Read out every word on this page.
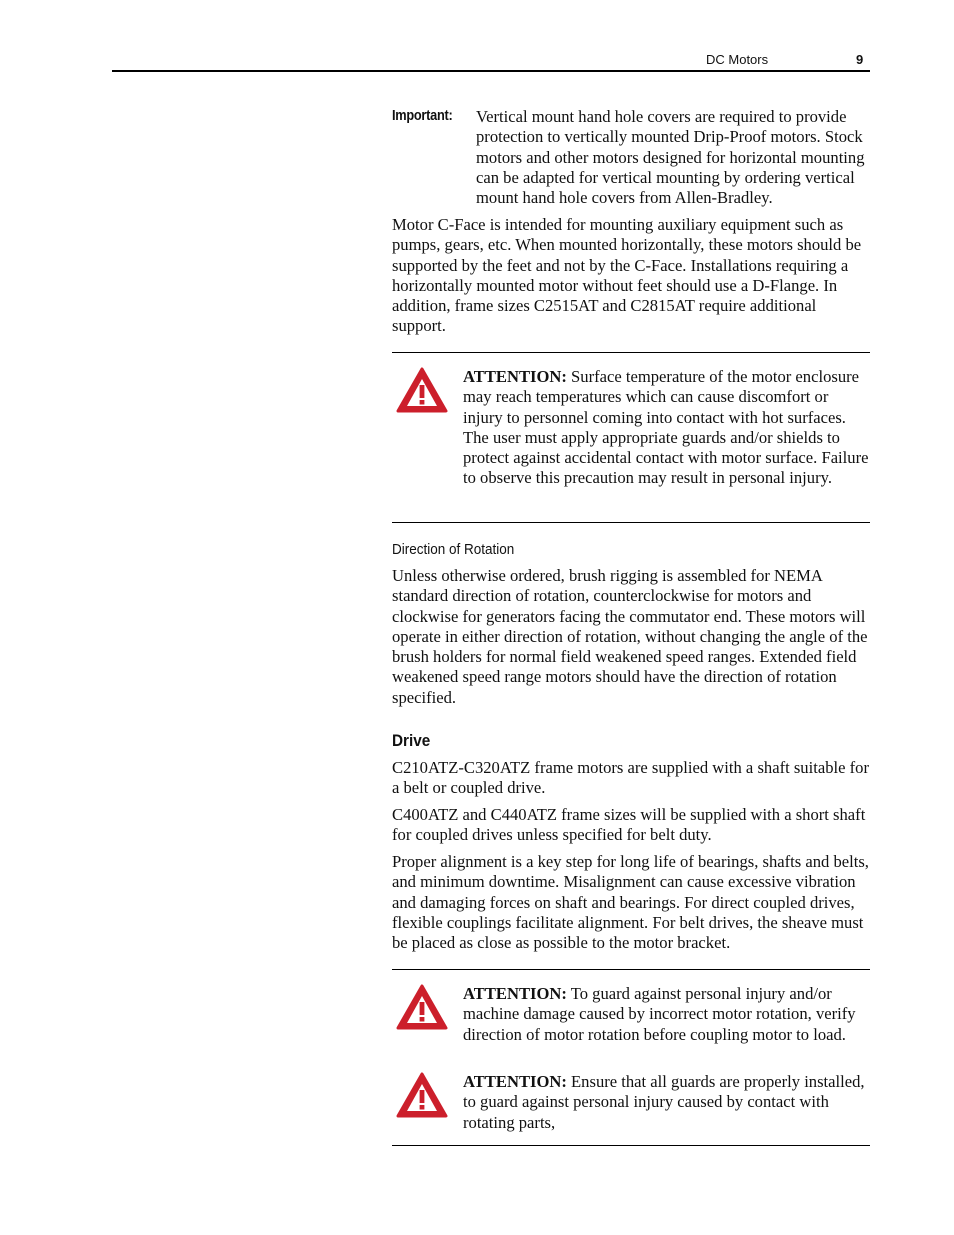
DC Motors	9
Important: Vertical mount hand hole covers are required to provide protection to vertically mounted Drip-Proof motors. Stock motors and other motors designed for horizontal mounting can be adapted for vertical mounting by ordering vertical mount hand hole covers from Allen-Bradley.

Motor C-Face is intended for mounting auxiliary equipment such as pumps, gears, etc. When mounted horizontally, these motors should be supported by the feet and not by the C-Face. Installations requiring a horizontally mounted motor without feet should use a D-Flange. In addition, frame sizes C2515AT and C2815AT require additional support.

ATTENTION: Surface temperature of the motor enclosure may reach temperatures which can cause discomfort or injury to personnel coming into contact with hot surfaces. The user must apply appropriate guards and/or shields to protect against accidental contact with motor surface. Failure to observe this precaution may result in personal injury.

Direction of Rotation

Unless otherwise ordered, brush rigging is assembled for NEMA standard direction of rotation, counterclockwise for motors and clockwise for generators facing the commutator end. These motors will operate in either direction of rotation, without changing the angle of the brush holders for normal field weakened speed ranges. Extended field weakened speed range motors should have the direction of rotation specified.

Drive

C210ATZ-C320ATZ frame motors are supplied with a shaft suitable for a belt or coupled drive.

C400ATZ and C440ATZ frame sizes will be supplied with a short shaft for coupled drives unless specified for belt duty.

Proper alignment is a key step for long life of bearings, shafts and belts, and minimum downtime. Misalignment can cause excessive vibration and damaging forces on shaft and bearings. For direct coupled drives, flexible couplings facilitate alignment. For belt drives, the sheave must be placed as close as possible to the motor bracket.

ATTENTION: To guard against personal injury and/or machine damage caused by incorrect motor rotation, verify direction of motor rotation before coupling motor to load.

ATTENTION: Ensure that all guards are properly installed, to guard against personal injury caused by contact with rotating parts,
